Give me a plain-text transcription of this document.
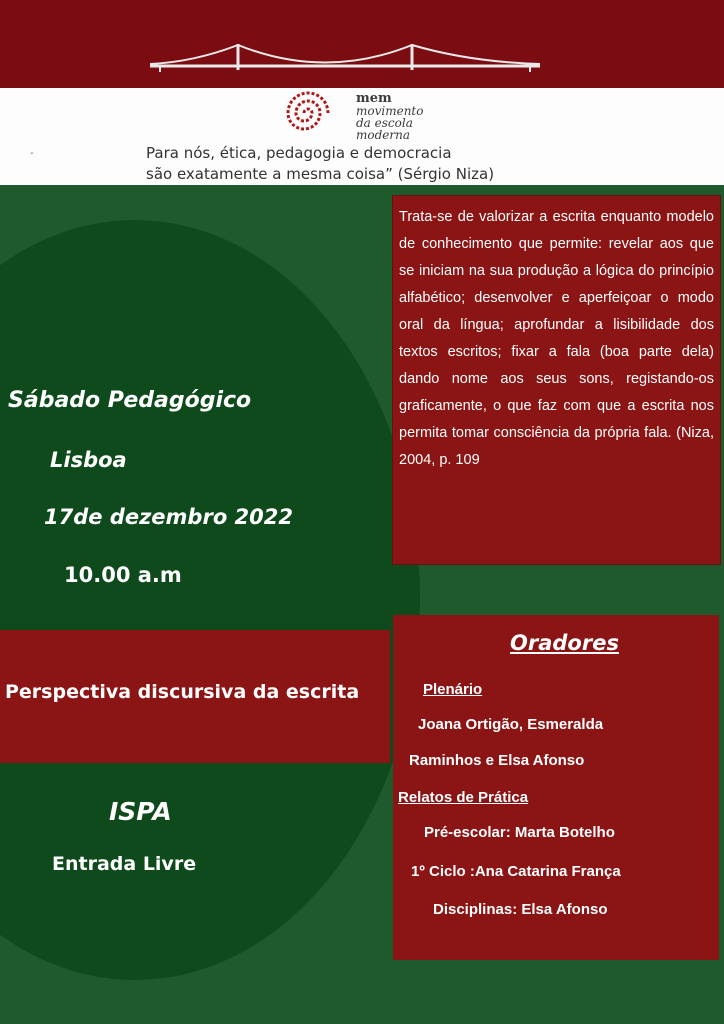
mem
movimento
da escola
moderna
-	Para nós, ética, pedagogia e democracia
são exatamente a mesma coisa” (Sérgio Niza)

Trata-se de valorizar a escrita enquanto modelo de conhecimento que permite: revelar aos que se iniciam na sua produção a lógica do princípio alfabético; desenvolver e aperfeiçoar o modo oral da língua; aprofundar a lisibilidade dos textos escritos; fixar a fala (boa parte dela) dando nome aos seus sons, registando-os graficamente, o que faz com que a escrita nos permita tomar consciência da própria fala. (Niza, 2004, p. 109

Sábado Pedagógico
Lisboa
17de dezembro 2022
10.00 a.m
Perspectiva discursiva da escrita
Oradores
Plenário
Joana Ortigão, Esmeralda
Raminhos e Elsa Afonso
Relatos de Prática
Pré-escolar: Marta Botelho
1º Ciclo :Ana Catarina França
Disciplinas: Elsa Afonso
ISPA
Entrada Livre
